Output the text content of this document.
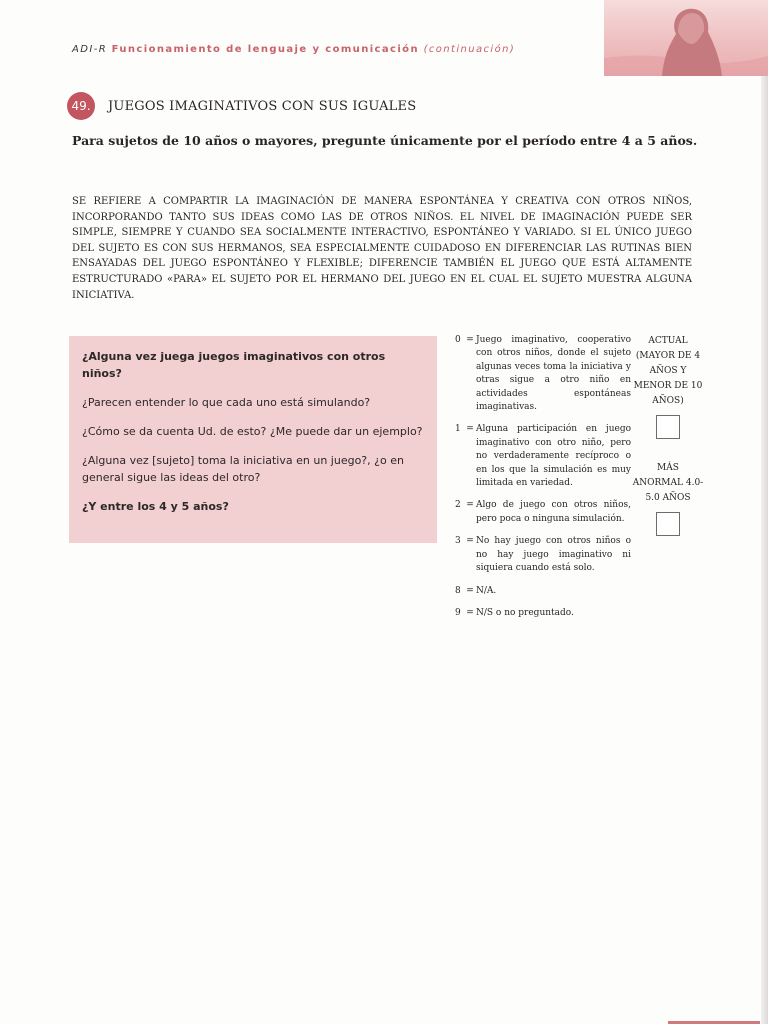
ADI-R Funcionamiento de lenguaje y comunicación (continuación)
49.	JUEGOS IMAGINATIVOS CON SUS IGUALES
Para sujetos de 10 años o mayores, pregunte únicamente por el período entre 4 a 5 años.
SE REFIERE A COMPARTIR LA IMAGINACIÓN DE MANERA ESPONTÁNEA Y CREATIVA CON OTROS NIÑOS, INCORPORANDO TANTO SUS IDEAS COMO LAS DE OTROS NIÑOS. EL NIVEL DE IMAGINACIÓN PUEDE SER SIMPLE, SIEMPRE Y CUANDO SEA SOCIALMENTE INTERACTIVO, ESPONTÁNEO Y VARIADO. SI EL ÚNICO JUEGO DEL SUJETO ES CON SUS HERMANOS, SEA ESPECIALMENTE CUIDADOSO EN DIFERENCIAR LAS RUTINAS BIEN ENSAYADAS DEL JUEGO ESPONTÁNEO Y FLEXIBLE; DIFERENCIE TAMBIÉN EL JUEGO QUE ESTÁ ALTAMENTE ESTRUCTURADO «PARA» EL SUJETO POR EL HERMANO DEL JUEGO EN EL CUAL EL SUJETO MUESTRA ALGUNA INICIATIVA.
¿Alguna vez juega juegos imaginativos con otros niños?
¿Parecen entender lo que cada uno está simulando?
¿Cómo se da cuenta Ud. de esto? ¿Me puede dar un ejemplo?
¿Alguna vez [sujeto] toma la iniciativa en un juego?, ¿o en general sigue las ideas del otro?
¿Y entre los 4 y 5 años?
0 = Juego imaginativo, cooperativo con otros niños, donde el sujeto algunas veces toma la iniciativa y otras sigue a otro niño en actividades espontáneas imaginativas.
1 = Alguna participación en juego imaginativo con otro niño, pero no verdaderamente recíproco o en los que la simulación es muy limitada en variedad.
2 = Algo de juego con otros niños, pero poca o ninguna simulación.
3 = No hay juego con otros niños o no hay juego imaginativo ni siquiera cuando está solo.
8 = N/A.
9 = N/S o no preguntado.
ACTUAL (MAYOR DE 4 AÑOS Y MENOR DE 10 AÑOS)
MÁS ANORMAL 4.0-5.0 AÑOS
